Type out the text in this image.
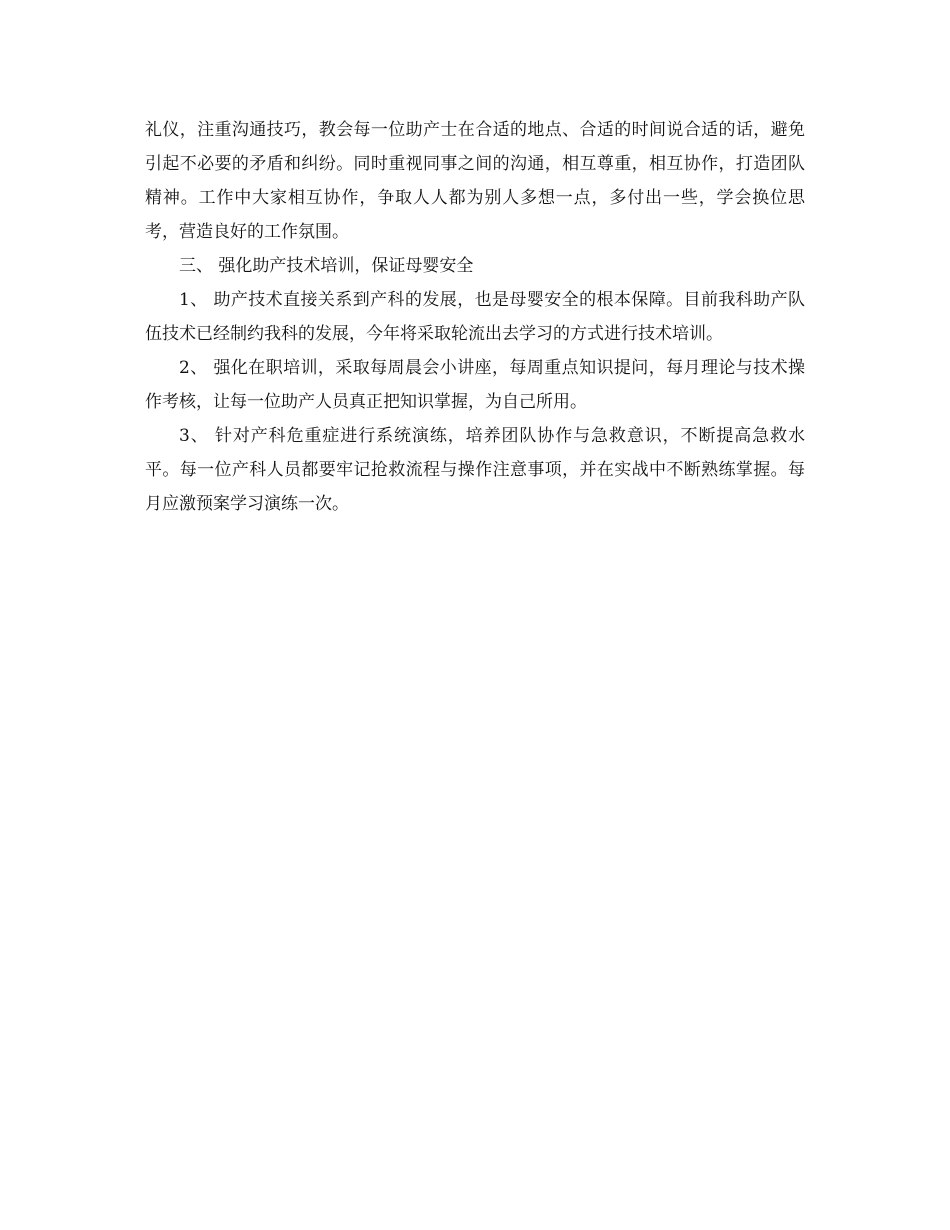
礼仪，注重沟通技巧，教会每一位助产士在合适的地点、合适的时间说合适的话，避免引起不必要的矛盾和纠纷。同时重视同事之间的沟通，相互尊重，相互协作，打造团队精神。工作中大家相互协作，争取人人都为别人多想一点，多付出一些，学会换位思考，营造良好的工作氛围。

三、 强化助产技术培训，保证母婴安全

1、 助产技术直接关系到产科的发展，也是母婴安全的根本保障。目前我科助产队伍技术已经制约我科的发展，今年将采取轮流出去学习的方式进行技术培训。

2、 强化在职培训，采取每周晨会小讲座，每周重点知识提问，每月理论与技术操作考核，让每一位助产人员真正把知识掌握，为自己所用。

3、 针对产科危重症进行系统演练，培养团队协作与急救意识，不断提高急救水平。每一位产科人员都要牢记抢救流程与操作注意事项，并在实战中不断熟练掌握。每月应激预案学习演练一次。
